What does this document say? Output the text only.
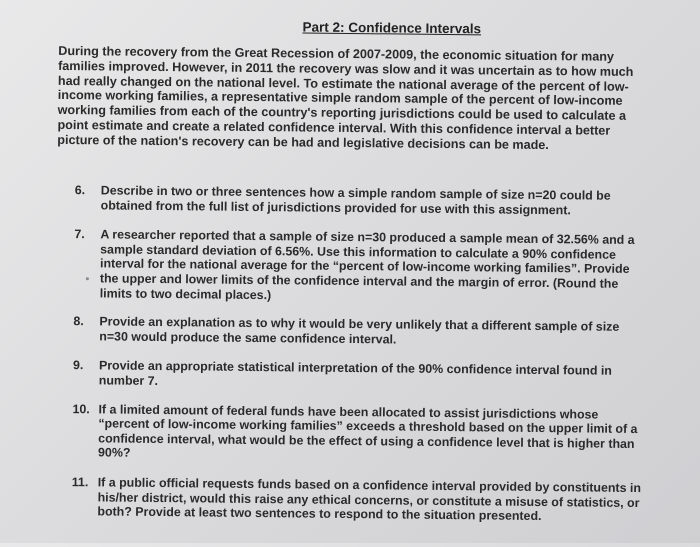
Part 2: Confidence Intervals
During the recovery from the Great Recession of 2007-2009, the economic situation for many families improved. However, in 2011 the recovery was slow and it was uncertain as to how much had really changed on the national level. To estimate the national average of the percent of low-income working families, a representative simple random sample of the percent of low-income working families from each of the country's reporting jurisdictions could be used to calculate a point estimate and create a related confidence interval. With this confidence interval a better picture of the nation's recovery can be had and legislative decisions can be made.
6.	Describe in two or three sentences how a simple random sample of size n=20 could be obtained from the full list of jurisdictions provided for use with this assignment.
7.	A researcher reported that a sample of size n=30 produced a sample mean of 32.56% and a sample standard deviation of 6.56%. Use this information to calculate a 90% confidence interval for the national average for the “percent of low-income working families”. Provide the upper and lower limits of the confidence interval and the margin of error. (Round the limits to two decimal places.)
8.	Provide an explanation as to why it would be very unlikely that a different sample of size n=30 would produce the same confidence interval.
9.	Provide an appropriate statistical interpretation of the 90% confidence interval found in number 7.
10. If a limited amount of federal funds have been allocated to assist jurisdictions whose “percent of low-income working families” exceeds a threshold based on the upper limit of a confidence interval, what would be the effect of using a confidence level that is higher than 90%?
11. If a public official requests funds based on a confidence interval provided by constituents in his/her district, would this raise any ethical concerns, or constitute a misuse of statistics, or both? Provide at least two sentences to respond to the situation presented.
